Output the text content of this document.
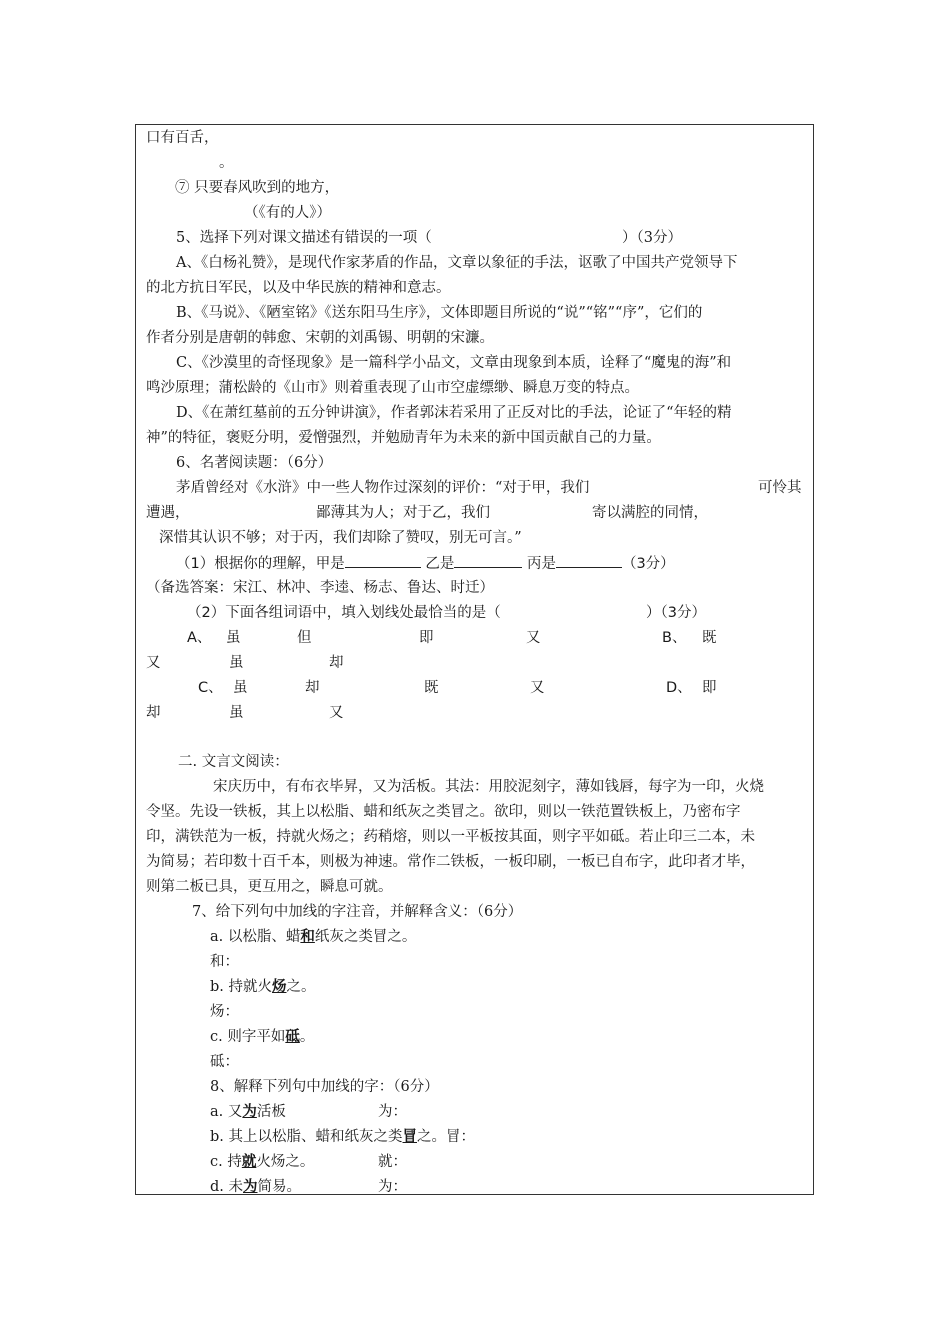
口有百舌，
。
⑦ 只要春风吹到的地方，
（《有的人》）
5、选择下列对课文描述有错误的一项（	）（3分）
A、《白杨礼赞》，是现代作家茅盾的作品，文章以象征的手法，讴歌了中国共产党领导下
的北方抗日军民，以及中华民族的精神和意志。
B、《马说》、《陋室铭》《送东阳马生序》，文体即题目所说的“说”“铭”“序”，它们的
作者分别是唐朝的韩愈、宋朝的刘禹锡、明朝的宋濂。
C、《沙漠里的奇怪现象》是一篇科学小品文，文章由现象到本质，诠释了“魔鬼的海”和
鸣沙原理；蒲松龄的《山市》则着重表现了山市空虚缥缈、瞬息万变的特点。
D、《在萧红墓前的五分钟讲演》，作者郭沫若采用了正反对比的手法，论证了“年轻的精
神”的特征，褒贬分明，爱憎强烈，并勉励青年为未来的新中国贡献自己的力量。
6、名著阅读题：（6分）
茅盾曾经对《水浒》中一些人物作过深刻的评价：“对于甲，我们	可怜其
遭遇，	鄙薄其为人；对于乙，我们	寄以满腔的同情，
深惜其认识不够；对于丙，我们却除了赞叹，别无可言。”
（1）根据你的理解，甲是	乙是	丙是	（3分）
（备选答案：宋江、林冲、李逵、杨志、鲁达、时迁）
（2）下面各组词语中，填入划线处最恰当的是（	）（3分）
A、 虽	但	即	又	B、 既
又	虽	却
C、 虽	却	既	又	D、 即
却	虽	又
二. 文言文阅读：
宋庆历中，有布衣毕昇，又为活板。其法：用胶泥刻字，薄如钱唇，每字为一印，火烧
令坚。先设一铁板，其上以松脂、蜡和纸灰之类冒之。欲印，则以一铁范置铁板上，乃密布字
印，满铁范为一板，持就火炀之；药稍熔，则以一平板按其面，则字平如砥。若止印三二本，未
为简易；若印数十百千本，则极为神速。常作二铁板，一板印刷，一板已自布字，此印者才毕，
则第二板已具，更互用之，瞬息可就。
7、给下列句中加线的字注音，并解释含义：（6分）
a. 以松脂、蜡和纸灰之类冒之。
和：
b. 持就火炀之。
炀：
c. 则字平如砥。
砥：
8、解释下列句中加线的字：（6分）
a. 又为活板	为：
b. 其上以松脂、蜡和纸灰之类冒之。冒：
c. 持就火炀之。	就：
d. 未为简易。	为：
